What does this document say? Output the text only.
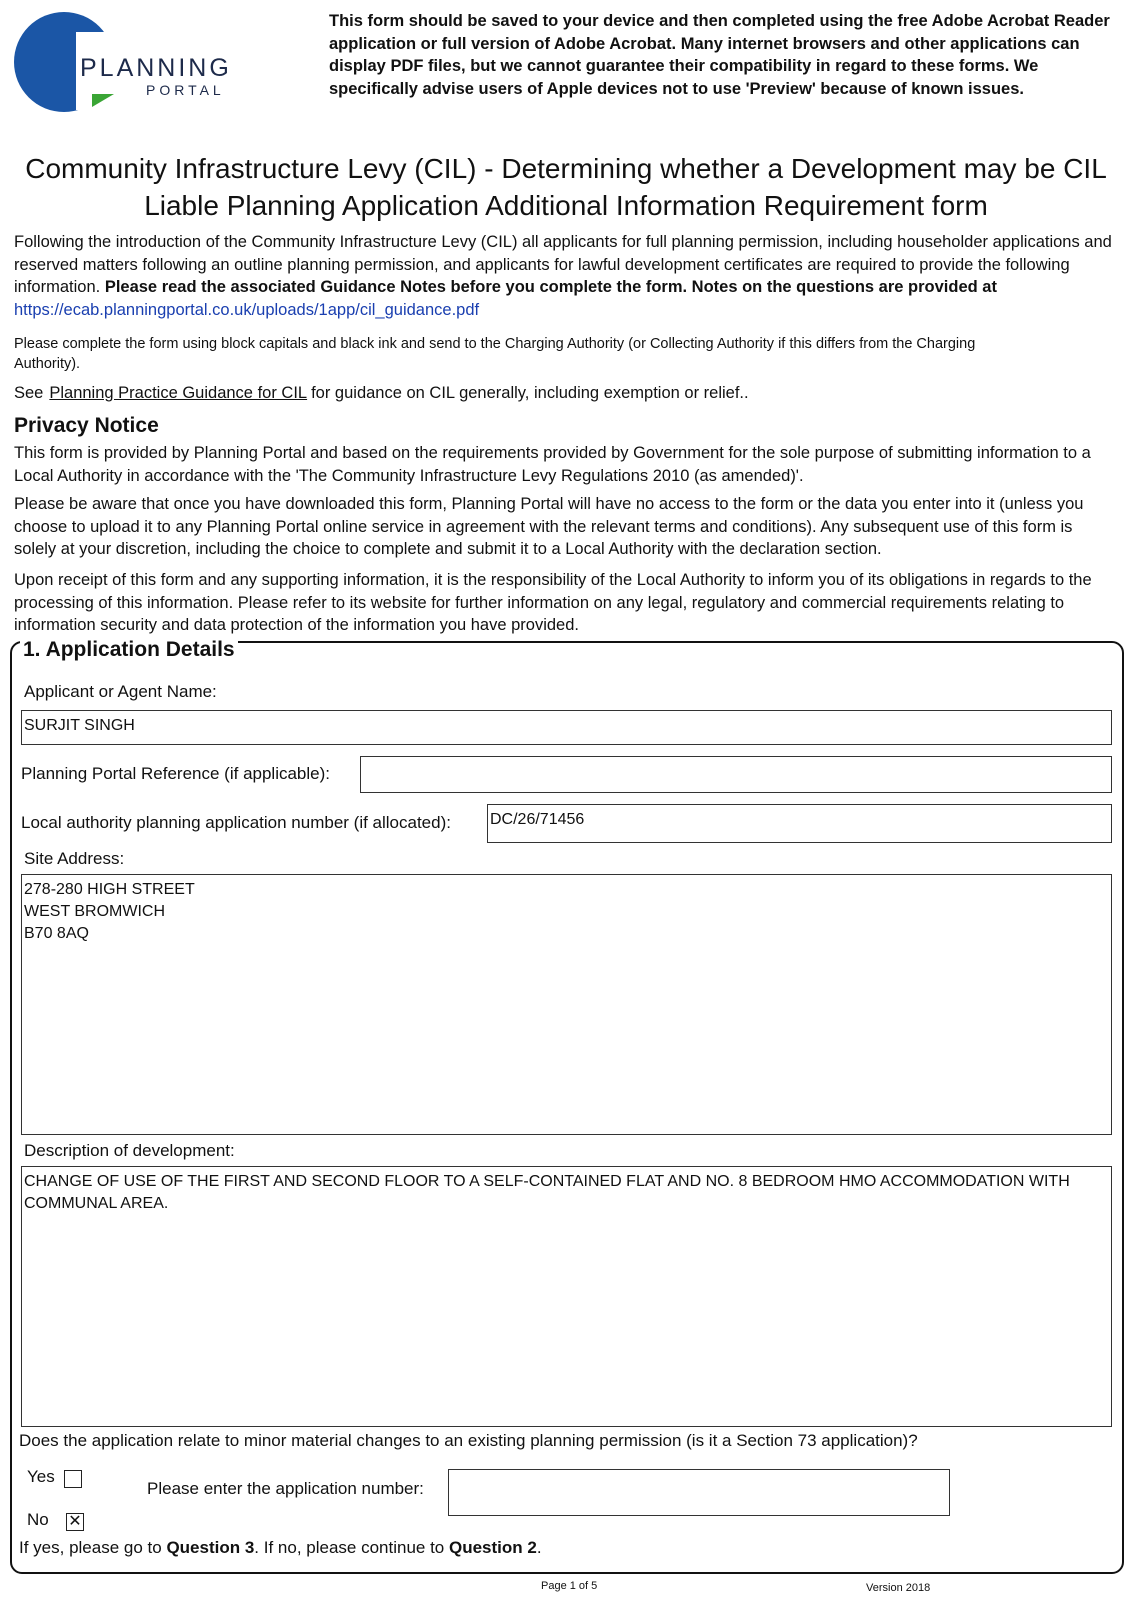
PLANNING
PORTAL
This form should be saved to your device and then completed using the free Adobe Acrobat Reader application or full version of Adobe Acrobat. Many internet browsers and other applications can display PDF files, but we cannot guarantee their compatibility in regard to these forms. We specifically advise users of Apple devices not to use 'Preview' because of known issues.
Community Infrastructure Levy (CIL) - Determining whether a Development may be CIL
Liable Planning Application Additional Information Requirement form
Following the introduction of the Community Infrastructure Levy (CIL) all applicants for full planning permission, including householder applications and reserved matters following an outline planning permission, and applicants for lawful development certificates are required to provide the following information. Please read the associated Guidance Notes before you complete the form. Notes on the questions are provided at https://ecab.planningportal.co.uk/uploads/1app/cil_guidance.pdf
Please complete the form using block capitals and black ink and send to the Charging Authority (or Collecting Authority if this differs from the Charging Authority).
See Planning Practice Guidance for CIL for guidance on CIL generally, including exemption or relief..
Privacy Notice
This form is provided by Planning Portal and based on the requirements provided by Government for the sole purpose of submitting information to a Local Authority in accordance with the 'The Community Infrastructure Levy Regulations 2010 (as amended)'.
Please be aware that once you have downloaded this form, Planning Portal will have no access to the form or the data you enter into it (unless you choose to upload it to any Planning Portal online service in agreement with the relevant terms and conditions). Any subsequent use of this form is solely at your discretion, including the choice to complete and submit it to a Local Authority with the declaration section.
Upon receipt of this form and any supporting information, it is the responsibility of the Local Authority to inform you of its obligations in regards to the processing of this information. Please refer to its website for further information on any legal, regulatory and commercial requirements relating to information security and data protection of the information you have provided.
1. Application Details
Applicant or Agent Name:
SURJIT SINGH
Planning Portal Reference (if applicable):
Local authority planning application number (if allocated): DC/26/71456
Site Address:
278-280 HIGH STREET
WEST BROMWICH
B70 8AQ
Description of development:
CHANGE OF USE OF THE FIRST AND SECOND FLOOR TO A SELF-CONTAINED FLAT AND NO. 8 BEDROOM HMO ACCOMMODATION WITH COMMUNAL AREA.
Does the application relate to minor material changes to an existing planning permission (is it a Section 73 application)?
Yes
Please enter the application number:
No ✕
If yes, please go to Question 3. If no, please continue to Question 2.
Page 1 of 5	Version 2018
